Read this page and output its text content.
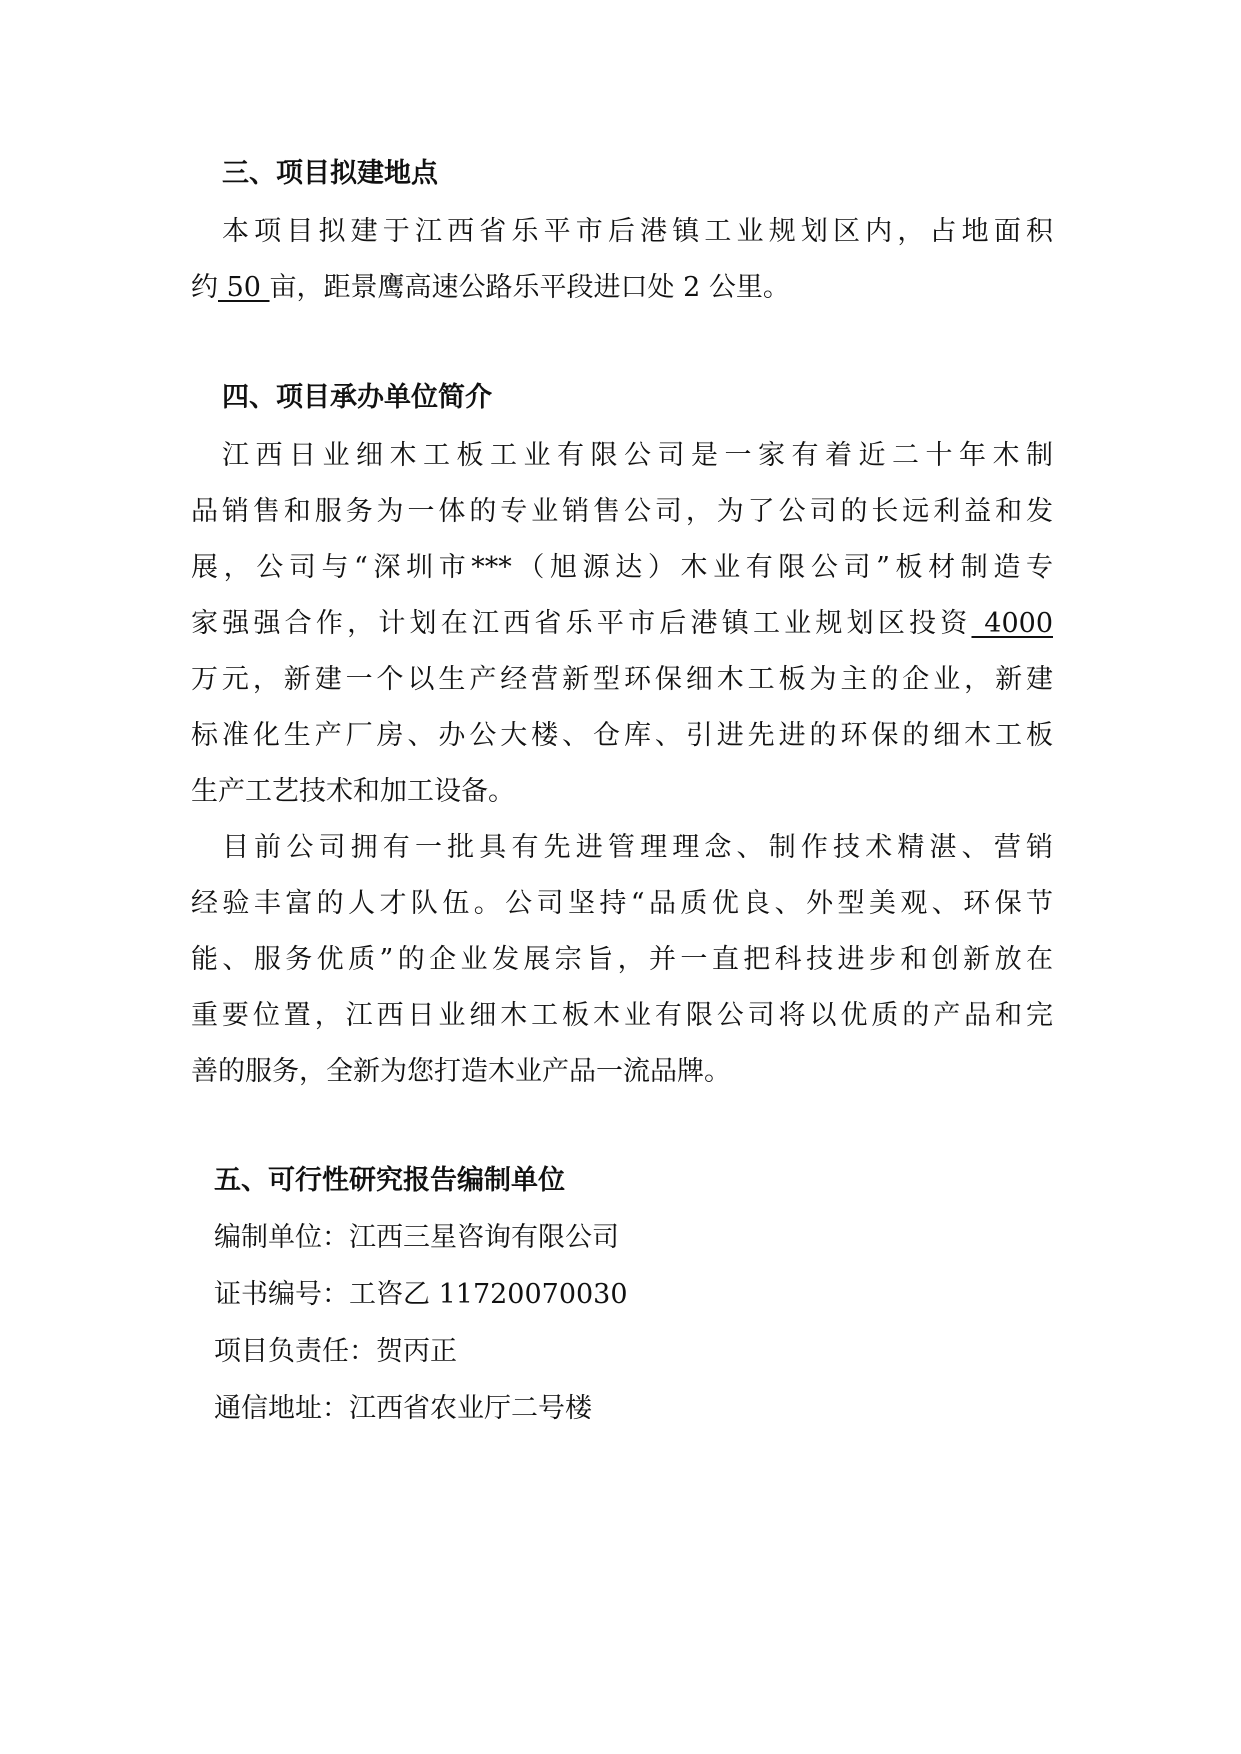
三、项目拟建地点
本项目拟建于江西省乐平市后港镇工业规划区内，占地面积
约 50 亩，距景鹰高速公路乐平段进口处 2 公里。
四、项目承办单位简介
江西日业细木工板工业有限公司是一家有着近二十年木制
品销售和服务为一体的专业销售公司，为了公司的长远利益和发
展，公司与“深圳市***（旭源达）木业有限公司”板材制造专
家强强合作，计划在江西省乐平市后港镇工业规划区投资 4000
万元，新建一个以生产经营新型环保细木工板为主的企业，新建
标准化生产厂房、办公大楼、仓库、引进先进的环保的细木工板
生产工艺技术和加工设备。
目前公司拥有一批具有先进管理理念、制作技术精湛、营销
经验丰富的人才队伍。公司坚持“品质优良、外型美观、环保节
能、服务优质”的企业发展宗旨，并一直把科技进步和创新放在
重要位置，江西日业细木工板木业有限公司将以优质的产品和完
善的服务，全新为您打造木业产品一流品牌。
五、可行性研究报告编制单位
编制单位：江西三星咨询有限公司
证书编号：工咨乙 11720070030
项目负责任：贺丙正
通信地址：江西省农业厅二号楼
